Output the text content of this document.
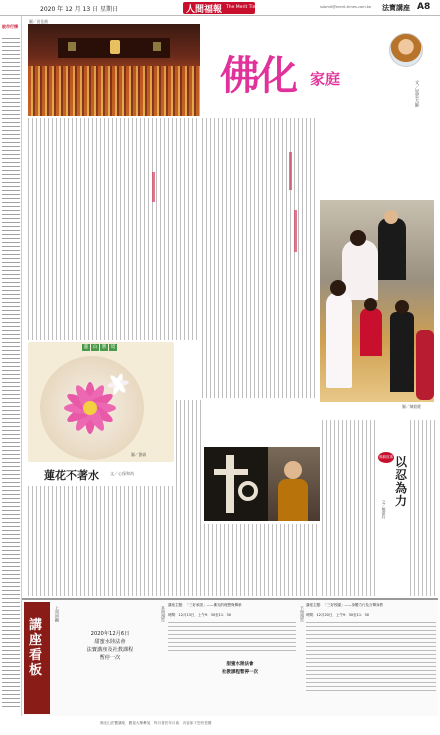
2020 年 12 月 13 日 星期日	人間福報 The Merit Times	submit@merit-times.com.tw 法寶講座 A8
股市行情
圖／田佳顏
佛化 家庭
文／星雲大師
圖／陳毅慶
靈 山 勝 境
圖／劉森
蓮花不著水	文／心保和尚
佛典故事 以忍為力
文／鄭淑玲
講座看板
上周回顧
2020年12月6日
甜蜜水陸法會
法寶講座及社教課程
暫停一次
本周預告
講座主題：「三好承諾」——佛光的理想與傳承
時間：12月13日．上午9：30至11：30
甜蜜水陸法會
社教課程暫停一次
下周預告
講座主題：「三好校園」——身體力行及言傳身教
時間：12月20日．上午9：30至11：30
佛光山法寶講座．歡迎大眾參加．每月者於年月會．內容如下恕有差期
